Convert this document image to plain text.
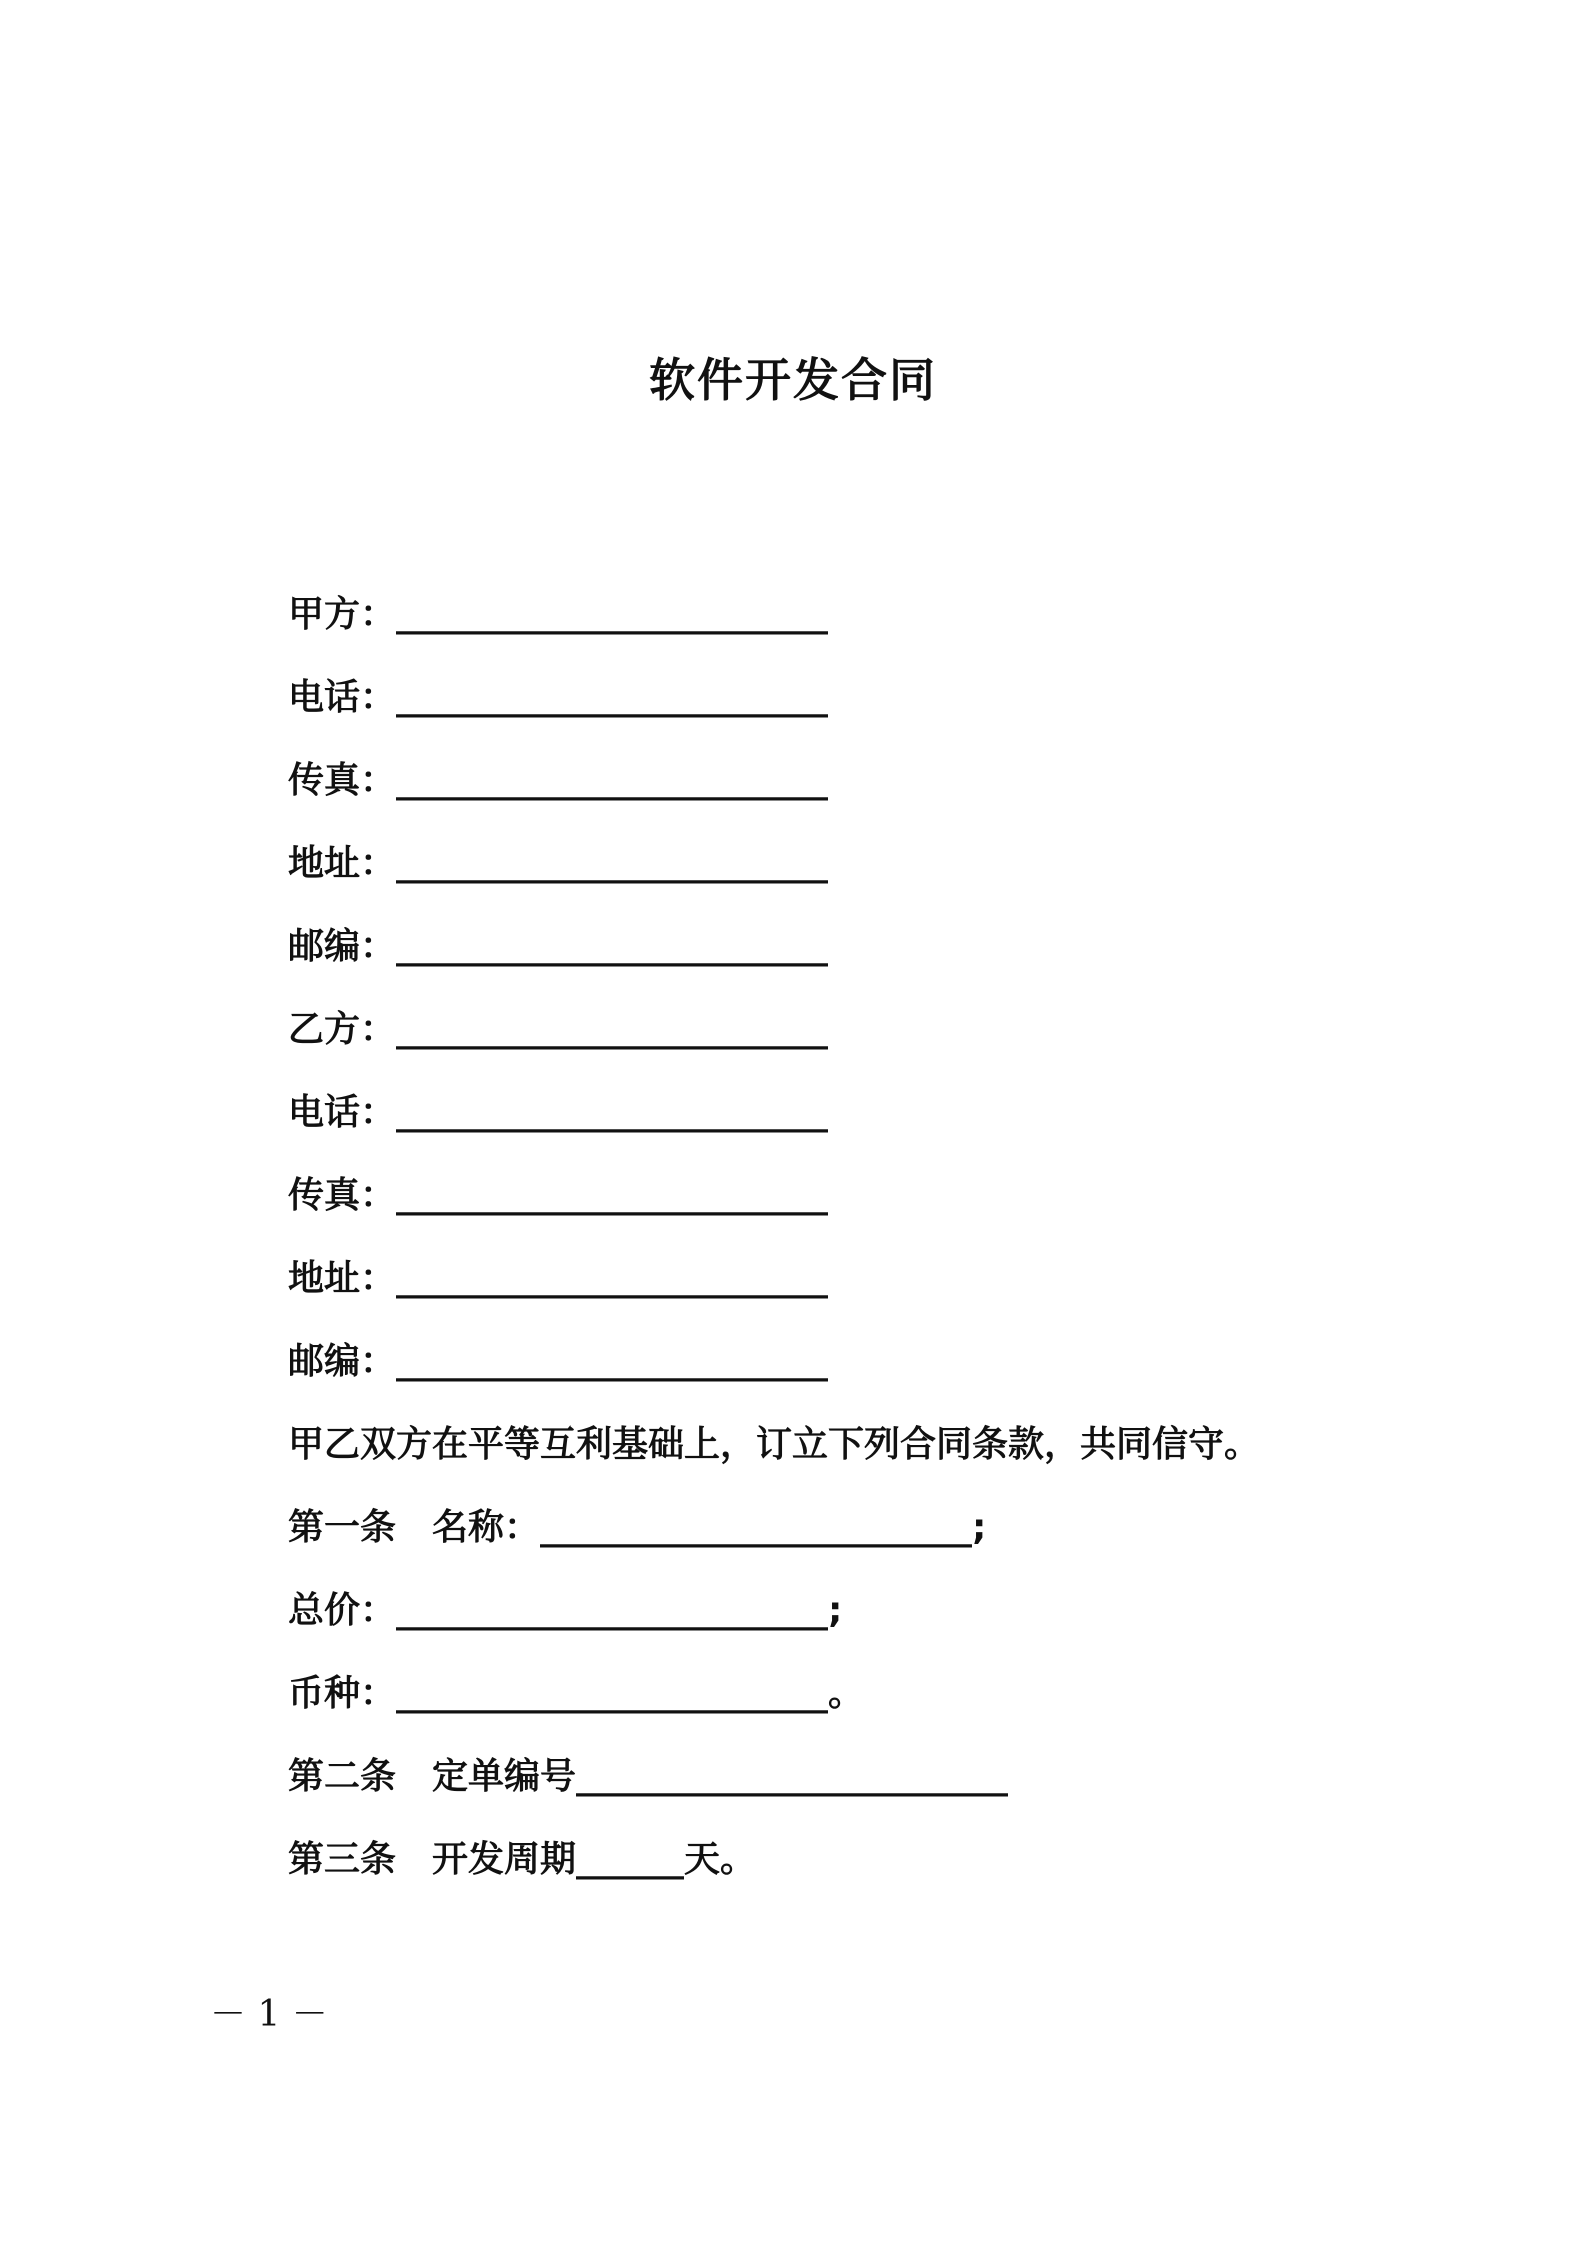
软件开发合同
甲方：________________________
电话：________________________
传真：________________________
地址：________________________
邮编：________________________
乙方：________________________
电话：________________________
传真：________________________
地址：________________________
邮编：________________________
甲乙双方在平等互利基础上，订立下列合同条款，共同信守。
第一条　名称：________________________;
总价：________________________;
币种：________________________。
第二条　定单编号________________________
第三条　开发周期______天。
－ 1 －
